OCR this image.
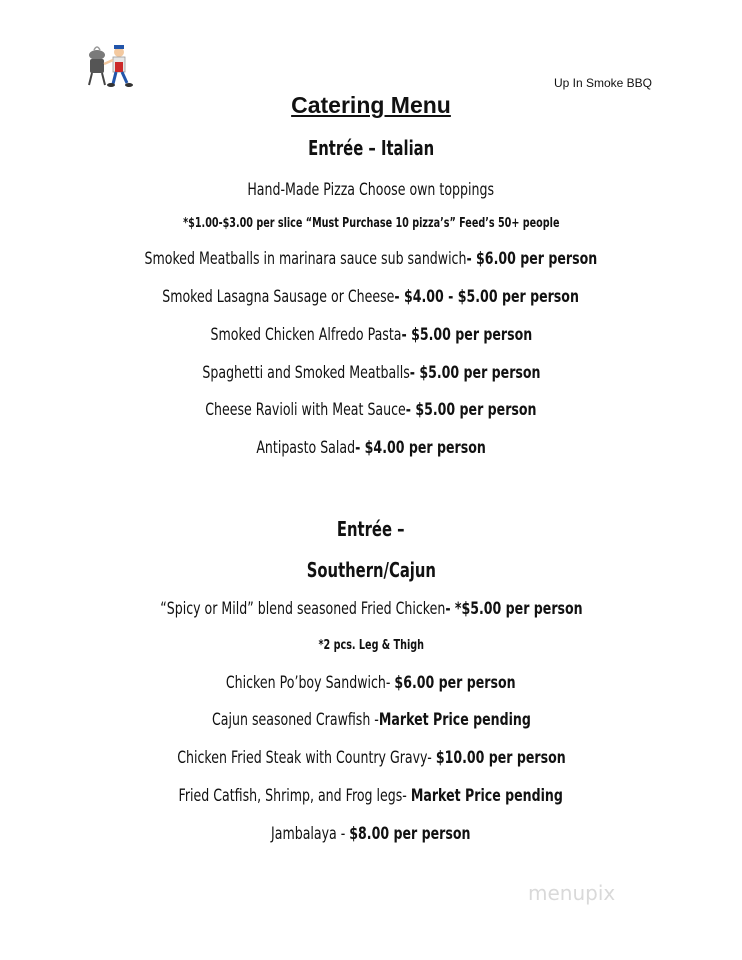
Up In Smoke BBQ
Catering Menu
Entrée – Italian
Hand-Made Pizza Choose own toppings
*$1.00-$3.00 per slice “Must Purchase 10 pizza’s” Feed’s 50+ people
Smoked Meatballs in marinara sauce sub sandwich- $6.00 per person
Smoked Lasagna Sausage or Cheese- $4.00 - $5.00 per person
Smoked Chicken Alfredo Pasta- $5.00 per person
Spaghetti and Smoked Meatballs- $5.00 per person
Cheese Ravioli with Meat Sauce- $5.00 per person
Antipasto Salad- $4.00 per person
Entrée –
Southern/Cajun
“Spicy or Mild” blend seasoned Fried Chicken- *$5.00 per person
*2 pcs. Leg & Thigh
Chicken Po’boy Sandwich- $6.00 per person
Cajun seasoned Crawfish -Market Price pending
Chicken Fried Steak with Country Gravy- $10.00 per person
Fried Catfish, Shrimp, and Frog legs- Market Price pending
Jambalaya - $8.00 per person
menupix
